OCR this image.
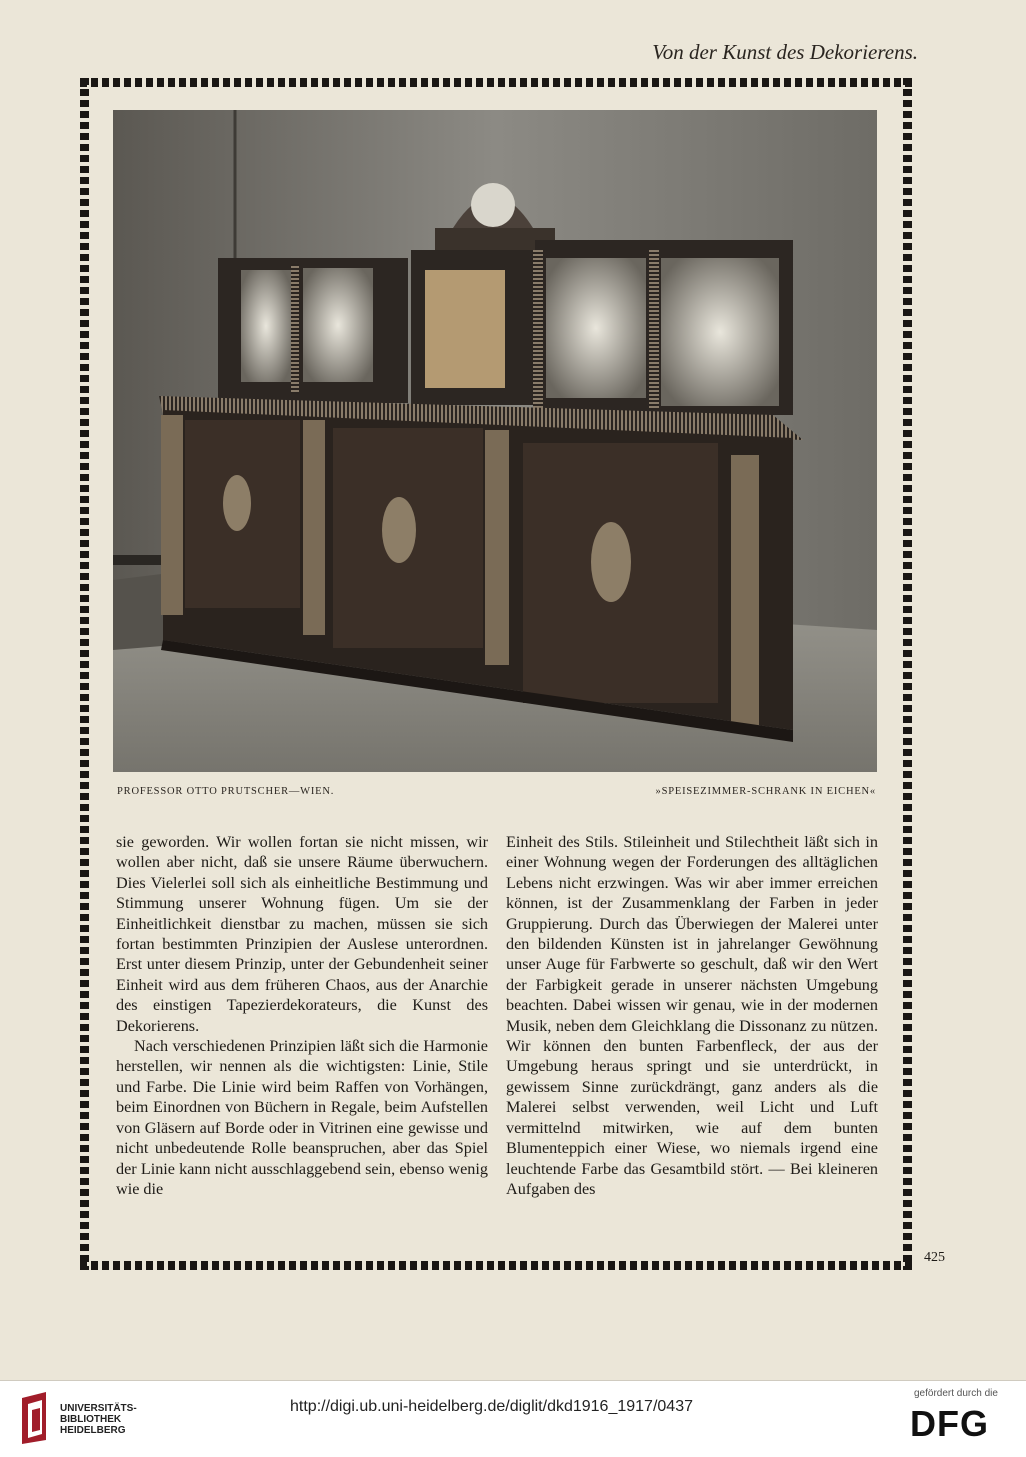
Von der Kunst des Dekorierens.
PROFESSOR OTTO PRUTSCHER—WIEN.	»SPEISEZIMMER-SCHRANK IN EICHEN«

sie geworden. Wir wollen fortan sie nicht missen, wir wollen aber nicht, daß sie unsere Räume überwuchern. Dies Vielerlei soll sich als einheitliche Bestimmung und Stimmung unserer Wohnung fügen. Um sie der Einheitlichkeit dienstbar zu machen, müssen sie sich fortan bestimmten Prinzipien der Auslese unterordnen. Erst unter diesem Prinzip, unter der Gebundenheit seiner Einheit wird aus dem früheren Chaos, aus der Anarchie des einstigen Tapezierdekorateurs, die Kunst des Dekorierens.

Nach verschiedenen Prinzipien läßt sich die Harmonie herstellen, wir nennen als die wichtigsten: Linie, Stile und Farbe. Die Linie wird beim Raffen von Vorhängen, beim Einordnen von Büchern in Regale, beim Aufstellen von Gläsern auf Borde oder in Vitrinen eine gewisse und nicht unbedeutende Rolle beanspruchen, aber das Spiel der Linie kann nicht ausschlaggebend sein, ebenso wenig wie die

Einheit des Stils. Stileinheit und Stilechtheit läßt sich in einer Wohnung wegen der Forderungen des alltäglichen Lebens nicht erzwingen. Was wir aber immer erreichen können, ist der Zusammenklang der Farben in jeder Gruppierung. Durch das Überwiegen der Malerei unter den bildenden Künsten ist in jahrelanger Gewöhnung unser Auge für Farbwerte so geschult, daß wir den Wert der Farbigkeit gerade in unserer nächsten Umgebung beachten. Dabei wissen wir genau, wie in der modernen Musik, neben dem Gleichklang die Dissonanz zu nützen. Wir können den bunten Farbenfleck, der aus der Umgebung heraus springt und sie unterdrückt, in gewissem Sinne zurückdrängt, ganz anders als die Malerei selbst verwenden, weil Licht und Luft vermittelnd mitwirken, wie auf dem bunten Blumenteppich einer Wiese, wo niemals irgend eine leuchtende Farbe das Gesamtbild stört. — Bei kleineren Aufgaben des

425
UNIVERSITÄTS-
BIBLIOTHEK
HEIDELBERG
http://digi.ub.uni-heidelberg.de/diglit/dkd1916_1917/0437
gefördert durch die
DFG
